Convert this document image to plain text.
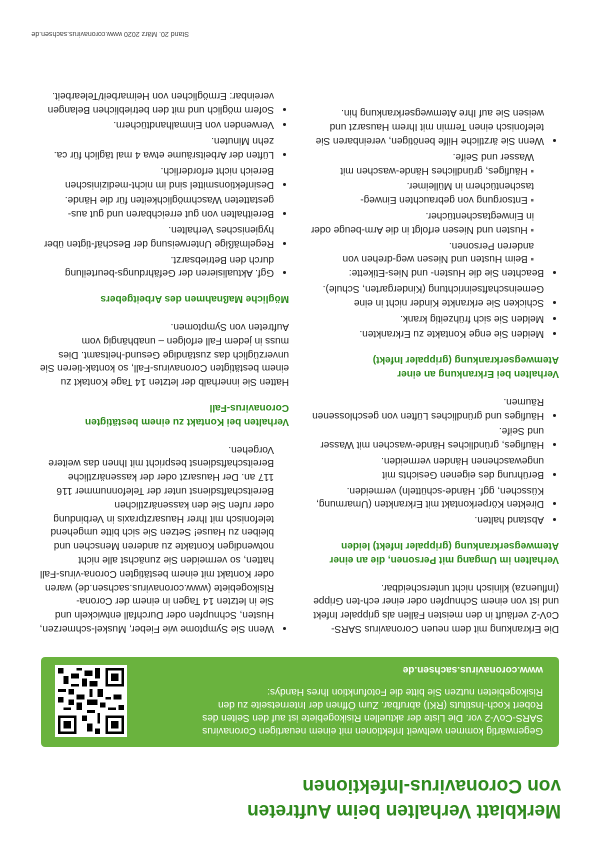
Merkblatt Verhalten beim Auftreten
von Coronavirus-Infektionen
Gegenwärtig kommen weltweit Infektionen mit einem neuartigen Coronavirus SARS-CoV-2 vor. Die Liste der aktuellen Risikogebiete ist auf den Seiten des Robert Koch-Instituts (RKI) abrufbar. Zum Öffnen der Internetseite zu den Risikogebieten nutzen Sie bitte die Fotofunktion Ihres Handys:
www.coronavirus.sachsen.de

Die Erkrankung mit dem neuen Coronavirus SARS-CoV-2 verläuft in den meisten Fällen als grippaler Infekt und ist von einem Schnupfen oder einer ech-ten Grippe (Influenza) klinisch nicht unterscheidbar.

Verhalten im Umgang mit Personen, die an einer Atemwegserkrankung (grippaler Infekt) leiden
• Abstand halten.
• Direkten Körperkontakt mit Erkrankten (Umarmung, Küsschen, ggf. Hände-schütteln) vermeiden.
• Berührung des eigenen Gesichts mit ungewaschenen Händen vermeiden.
• Häufiges, gründliches Hände-waschen mit Wasser und Seife.
• Häufiges und gründliches Lüften von geschlossenen Räumen.
Verhalten bei Erkrankung an einer Atemwegserkrankung (grippaler Infekt)
• Meiden Sie enge Kontakte zu Erkrankten.
• Melden Sie sich frühzeitig krank.
• Schicken Sie erkrankte Kinder nicht in eine Gemeinschaftseinrichtung (Kindergarten, Schule).
• Beachten Sie die Husten- und Nies-Etikette:
▪ Beim Husten und Niesen weg-drehen von anderen Personen.
▪ Husten und Niesen erfolgt in die Arm-beuge oder in Einwegtaschentücher.
▪ Entsorgung von gebrauchten Einweg-taschentüchern in Mülleimer.
▪ Häufiges, gründliches Hände-waschen mit Wasser und Seife.
• Wenn Sie ärztliche Hilfe benötigen, vereinbaren Sie telefonisch einen Termin mit Ihrem Hausarzt und weisen Sie auf Ihre Atemwegserkrankung hin.
• Wenn Sie Symptome wie Fieber, Muskel-schmerzen, Husten, Schnupfen oder Durchfall entwickeln und Sie in letzten 14 Tagen in einem der Corona-Risikogebiete (www.coronavirus.sachsen.de) waren oder Kontakt mit einem bestätigten Corona-virus-Fall hatten, so vermeiden Sie zunächst alle nicht notwendigen Kontakte zu anderen Menschen und bleiben zu Hause! Setzen Sie sich bitte umgehend telefonisch mit Ihrer Hausarztpraxis in Verbindung oder rufen Sie den kassenärztlichen Bereitschaftsdienst unter der Telefonnummer 116 117 an. Der Hausarzt oder der kassenärztliche Bereitschaftsdienst bespricht mit Ihnen das weitere Vorgehen.
Verhalten bei Kontakt zu einem bestätigten Coronavirus-Fall

Hatten Sie innerhalb der letzten 14 Tage Kontakt zu einem bestätigten Coronavirus-Fall, so kontak-tieren Sie unverzüglich das zuständige Gesund-heitsamt. Dies muss in jedem Fall erfolgen – unabhängig vom Auftreten von Symptomen.

Mögliche Maßnahmen des Arbeitgebers
• Ggf. Aktualisieren der Gefährdungs-beurteilung durch den Betriebsarzt.
• Regelmäßige Unterweisung der Beschäf-tigten über hygienisches Verhalten.
• Bereithalten von gut erreichbaren und gut aus-gestatteten Waschmöglichkeiten für die Hände.
• Desinfektionsmittel sind im nicht-medizinischen Bereich nicht erforderlich.
• Lüften der Arbeitsräume etwa 4 mal täglich für ca. zehn Minuten.
• Verwenden von Einmalhandtüchern.
• Sofern möglich und mit den betrieblichen Belangen vereinbar: Ermöglichen von Heimarbeit/Telearbeit.
Stand 20. März 2020 www.coronavirus.sachsen.de
